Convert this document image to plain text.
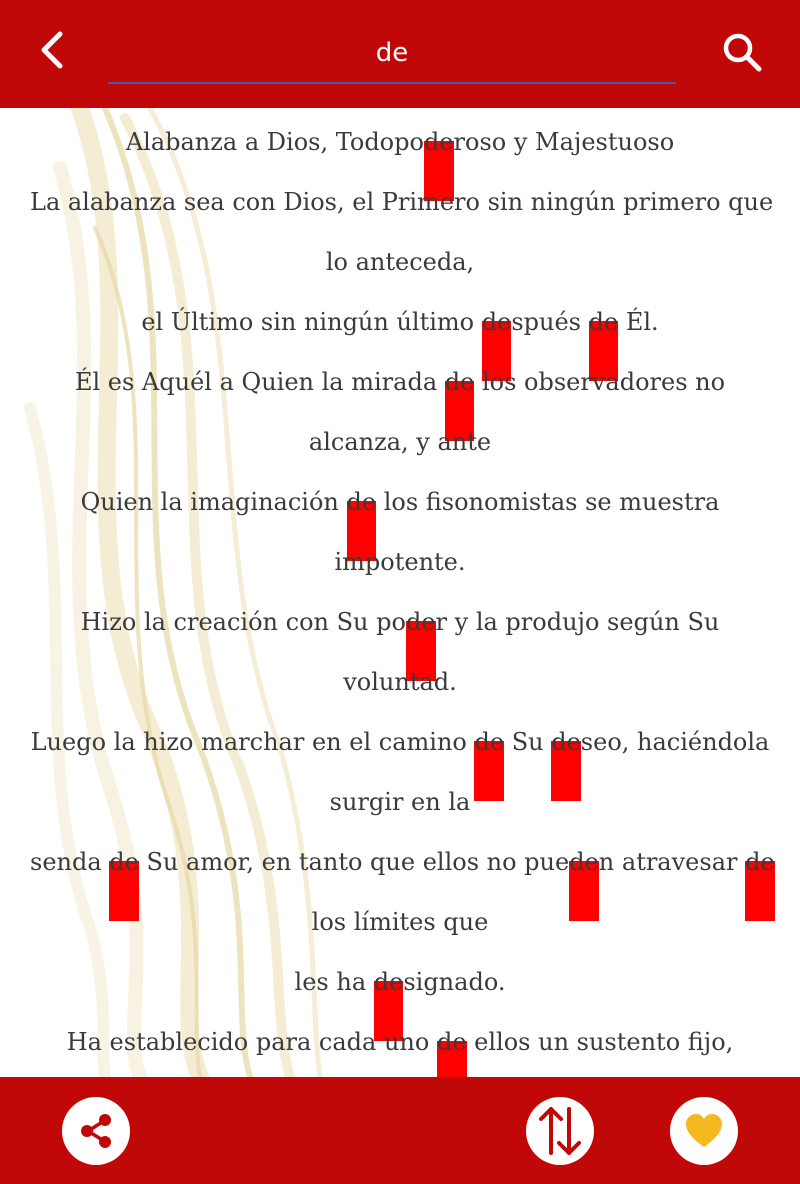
de

Alabanza a Dios, Todopoderoso y Majestuoso

La alabanza sea con Dios, el Primero sin ningún primero que

lo anteceda,

el Último sin ningún último después de Él.

Él es Aquél a Quien la mirada de los observadores no

alcanza, y ante

Quien la imaginación de los fisonomistas se muestra

impotente.

Hizo la creación con Su poder y la produjo según Su

voluntad.

Luego la hizo marchar en el camino de Su deseo, haciéndola

surgir en la

senda de Su amor, en tanto que ellos no pueden atravesar de

los límites que

les ha designado.

Ha establecido para cada uno de ellos un sustento fijo,
